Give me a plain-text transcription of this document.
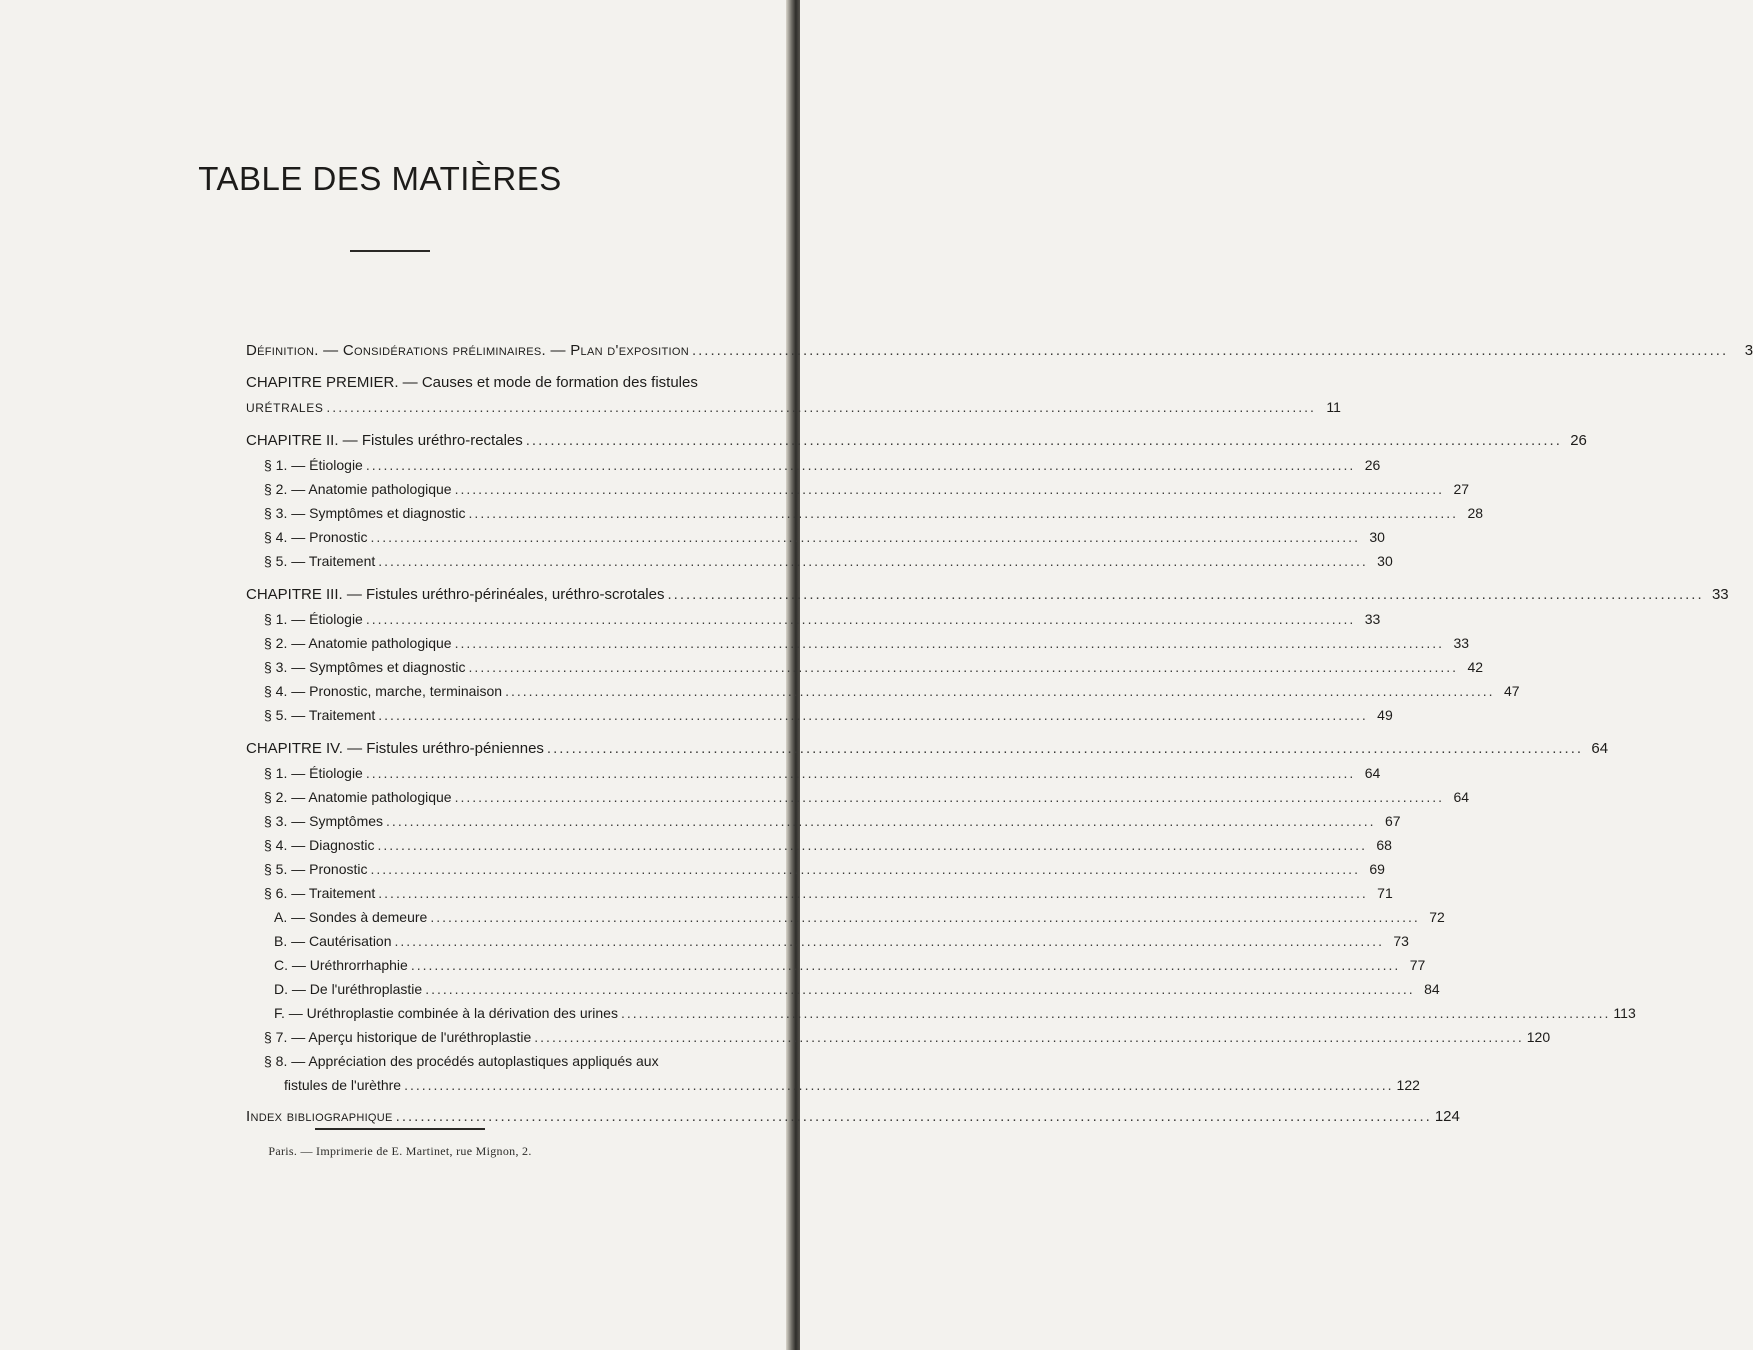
TABLE DES MATIÈRES
Définition. — Considérations préliminaires. — Plan d'exposition .....	3
CHAPITRE PREMIER. — Causes et mode de formation des fistules
URÉTRALES .....	11
CHAPITRE II. — Fistules uréthro-rectales .....	26
§ 1. — Étiologie .....	26
§ 2. — Anatomie pathologique .....	27
§ 3. — Symptômes et diagnostic .....	28
§ 4. — Pronostic .....	30
§ 5. — Traitement .....	30
CHAPITRE III. — Fistules uréthro-périnéales, uréthro-scrotales .....	33
§ 1. — Étiologie .....	33
§ 2. — Anatomie pathologique .....	33
§ 3. — Symptômes et diagnostic .....	42
§ 4. — Pronostic, marche, terminaison .....	47
§ 5. — Traitement .....	49
CHAPITRE IV. — Fistules uréthro-péniennes .....	64
§ 1. — Étiologie .....	64
§ 2. — Anatomie pathologique .....	64
§ 3. — Symptômes .....	67
§ 4. — Diagnostic .....	68
§ 5. — Pronostic .....	69
§ 6. — Traitement .....	71
A. — Sondes à demeure .....	72
B. — Cautérisation .....	73
C. — Uréthrorrhaphie .....	77
D. — De l'uréthroplastie .....	84
F. — Uréthroplastie combinée à la dérivation des urines .....	113
§ 7. — Aperçu historique de l'uréthroplastie .....	120
§ 8. — Appréciation des procédés autoplastiques appliqués aux
fistules de l'urèthre .....	122
Index bibliographique .....	124
Paris. — Imprimerie de E. Martinet, rue Mignon, 2.
